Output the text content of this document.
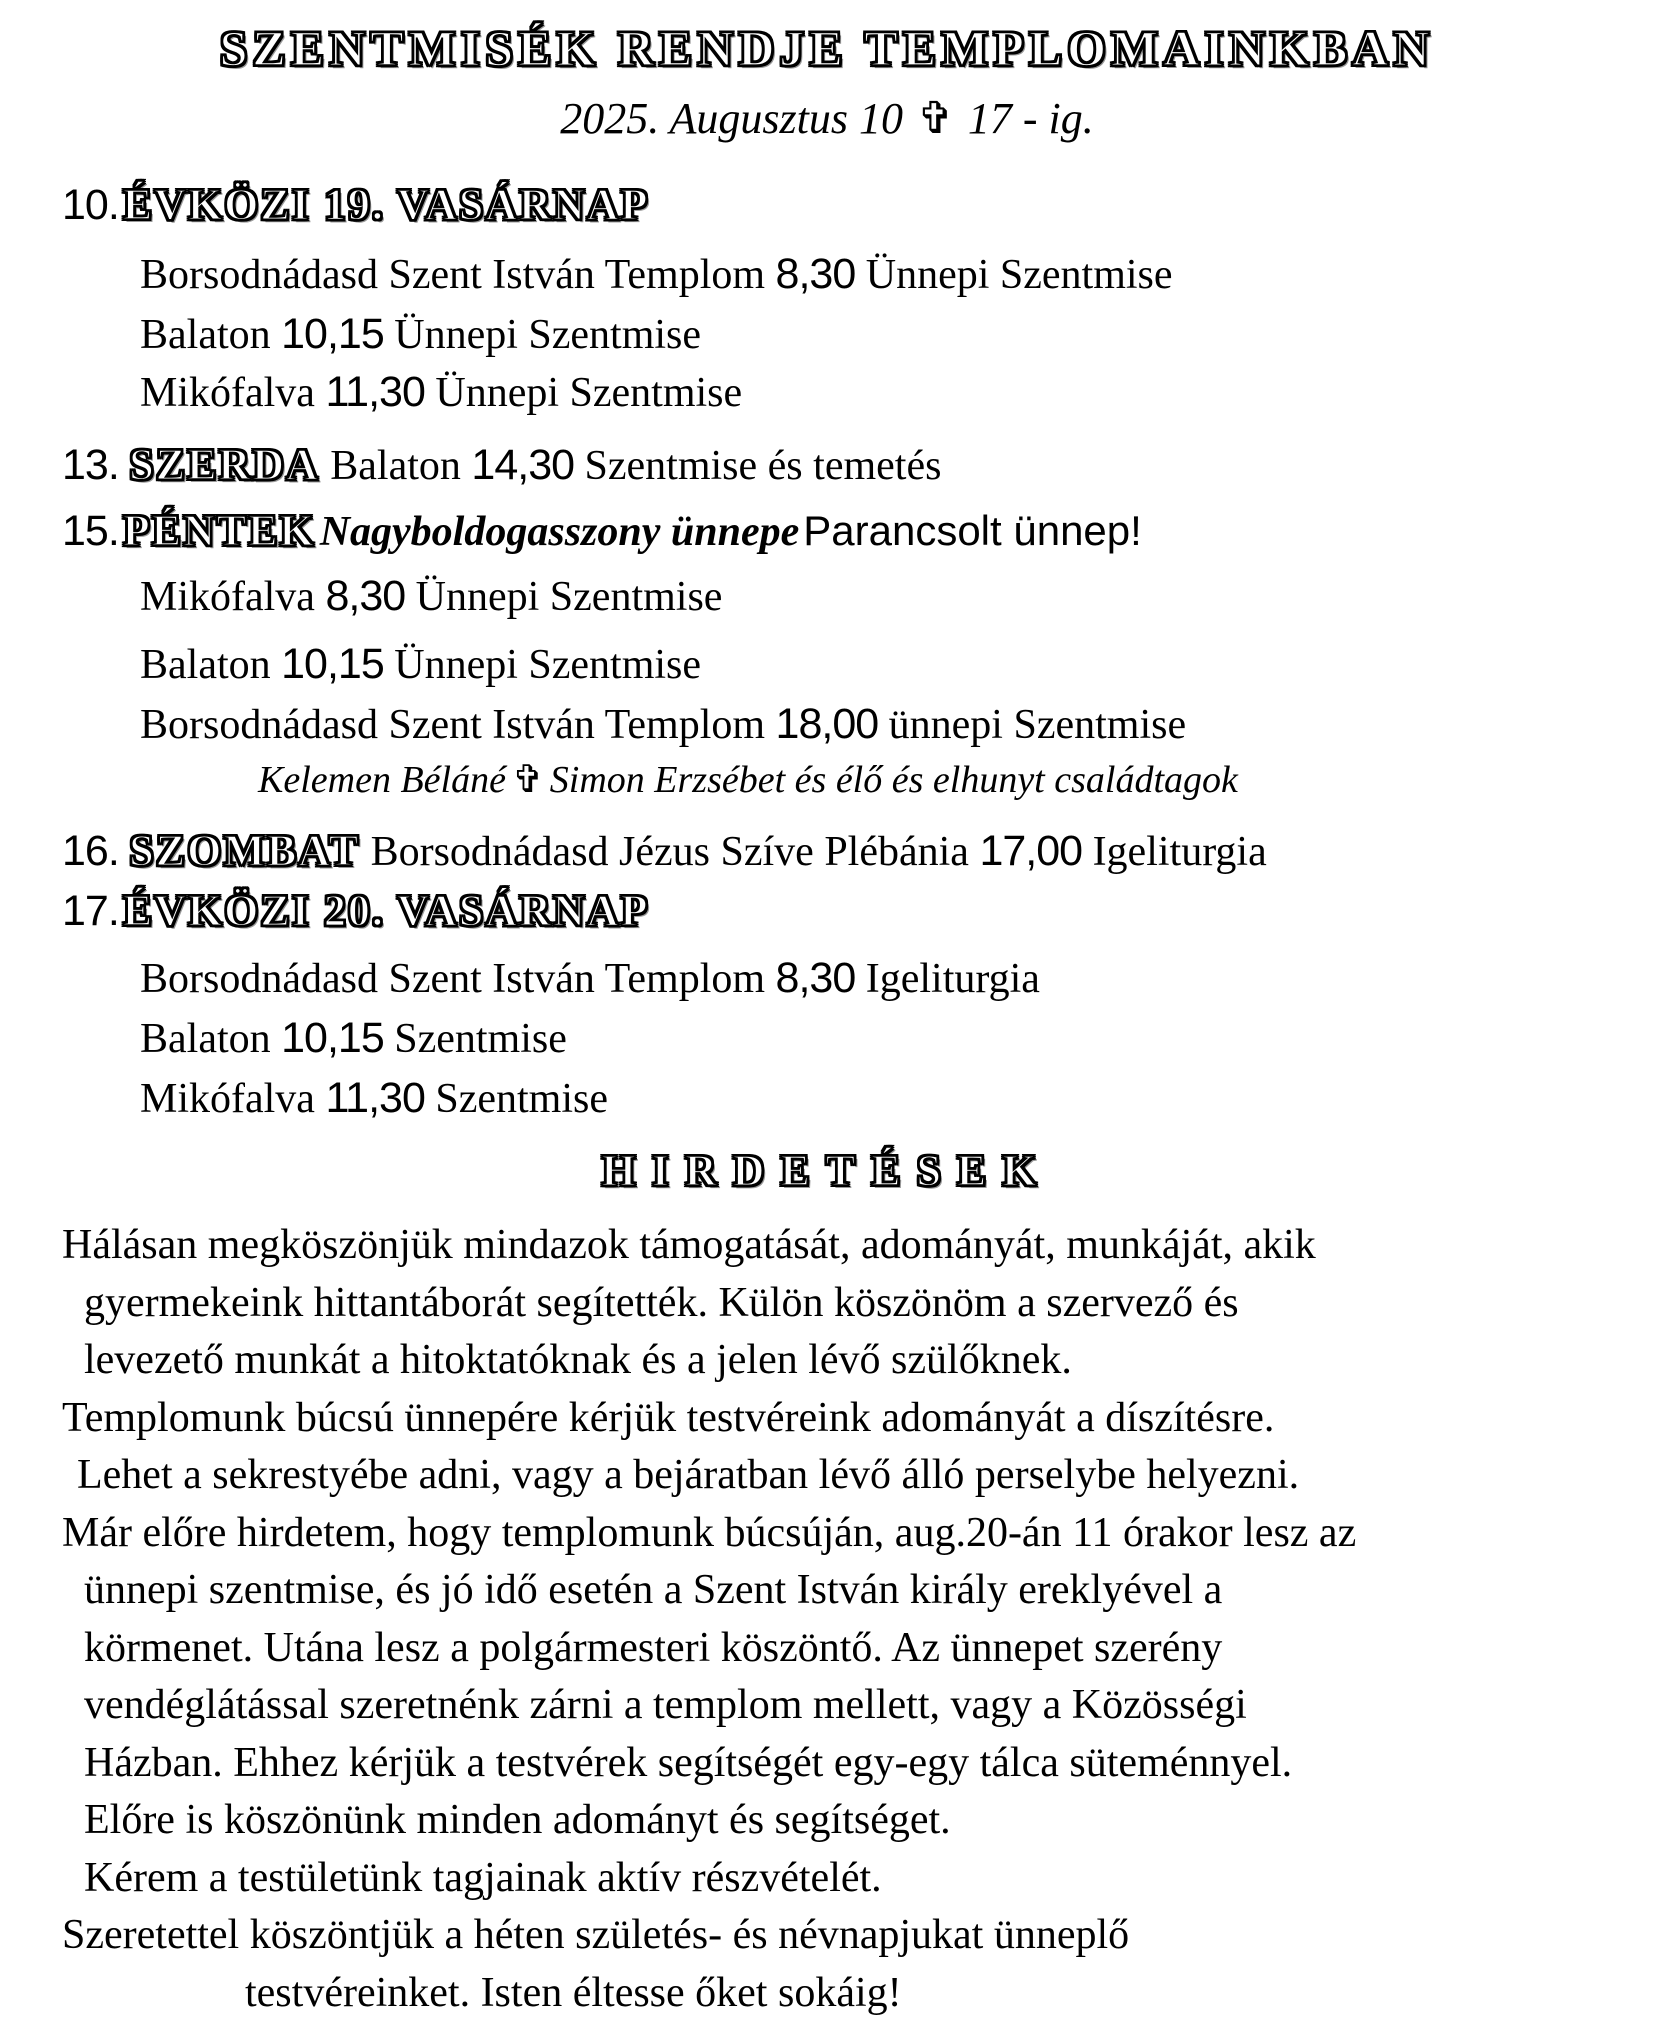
SZENTMISÉK RENDJE TEMPLOMAINKBAN
2025. Augusztus 10 ✞ 17 - ig.
10. ÉVKÖZI 19. VASÁRNAP
Borsodnádasd Szent István Templom 8,30 Ünnepi Szentmise
Balaton 10,15 Ünnepi Szentmise
Mikófalva 11,30 Ünnepi Szentmise
13. SZERDA Balaton 14,30 Szentmise és temetés
15. PÉNTEK Nagyboldogasszony ünnepe Parancsolt ünnep!
Mikófalva 8,30 Ünnepi Szentmise
Balaton 10,15 Ünnepi Szentmise
Borsodnádasd Szent István Templom 18,00 ünnepi Szentmise
Kelemen Béláné ✞ Simon Erzsébet és élő és elhunyt családtagok
16. SZOMBAT Borsodnádasd Jézus Szíve Plébánia 17,00 Igeliturgia
17. ÉVKÖZI 20. VASÁRNAP
Borsodnádasd Szent István Templom 8,30 Igeliturgia
Balaton 10,15 Szentmise
Mikófalva 11,30 Szentmise
HIRDETÉSEK
Hálásan megköszönjük mindazok támogatását, adományát, munkáját, akik
gyermekeink hittantáborát segítették. Külön köszönöm a szervező és
levezető munkát a hitoktatóknak és a jelen lévő szülőknek.
Templomunk búcsú ünnepére kérjük testvéreink adományát a díszítésre.
Lehet a sekrestyébe adni, vagy a bejáratban lévő álló perselybe helyezni.
Már előre hirdetem, hogy templomunk búcsúján, aug.20-án 11 órakor lesz az
ünnepi szentmise, és jó idő esetén a Szent István király ereklyével a
körmenet. Utána lesz a polgármesteri köszöntő. Az ünnepet szerény
vendéglátással szeretnénk zárni a templom mellett, vagy a Közösségi
Házban. Ehhez kérjük a testvérek segítségét egy-egy tálca süteménnyel.
Előre is köszönünk minden adományt és segítséget.
Kérem a testületünk tagjainak aktív részvételét.
Szeretettel köszöntjük a héten születés- és névnapjukat ünneplő
testvéreinket. Isten éltesse őket sokáig!
